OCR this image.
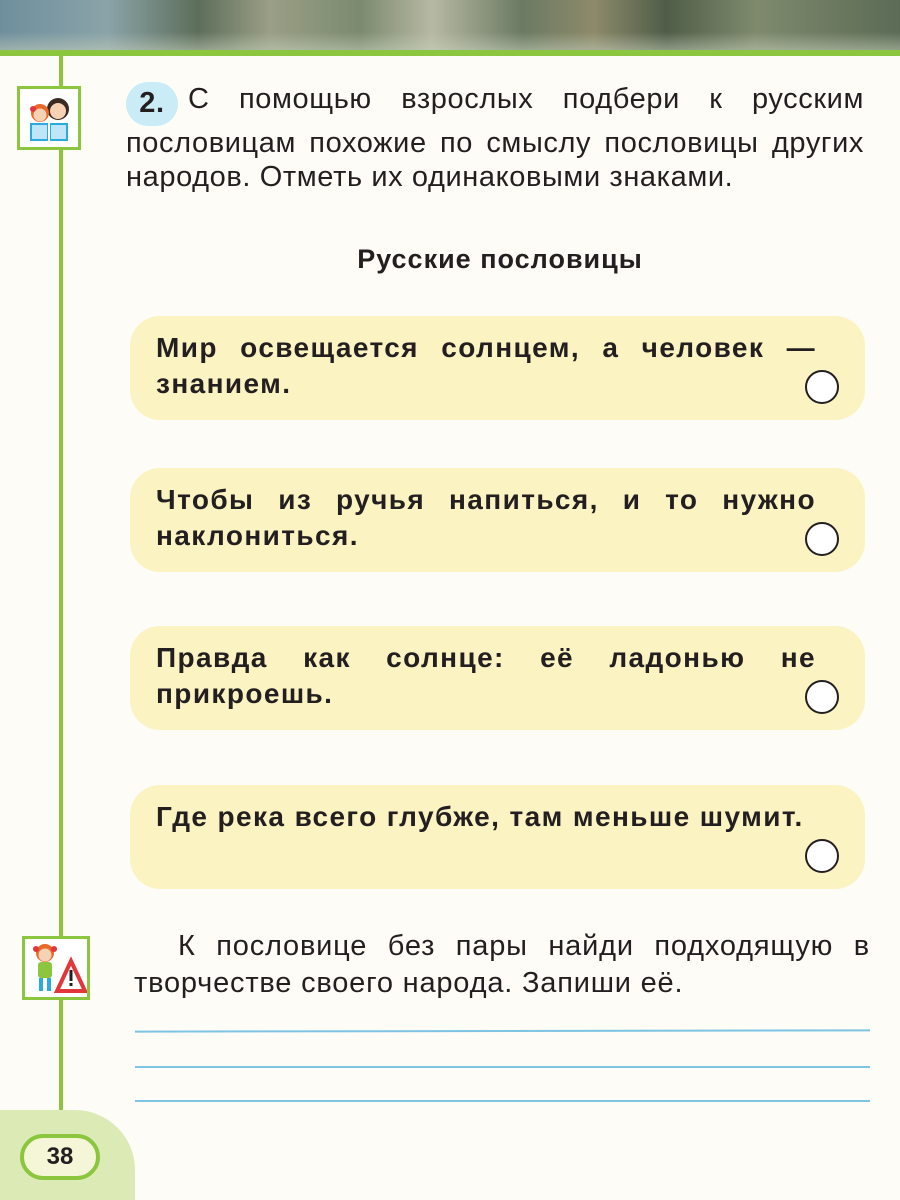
2. С помощью взрослых подбери к русским пословицам похожие по смыслу пословицы других народов. Отметь их одинаковыми знаками.
Русские пословицы
Мир освещается солнцем, а человек — знанием.
Чтобы из ручья напиться, и то нужно наклониться.
Правда как солнце: её ладонью не прикроешь.
Где река всего глубже, там меньше шумит.
К пословице без пары найди подходящую в творчестве своего народа. Запиши её.
38
